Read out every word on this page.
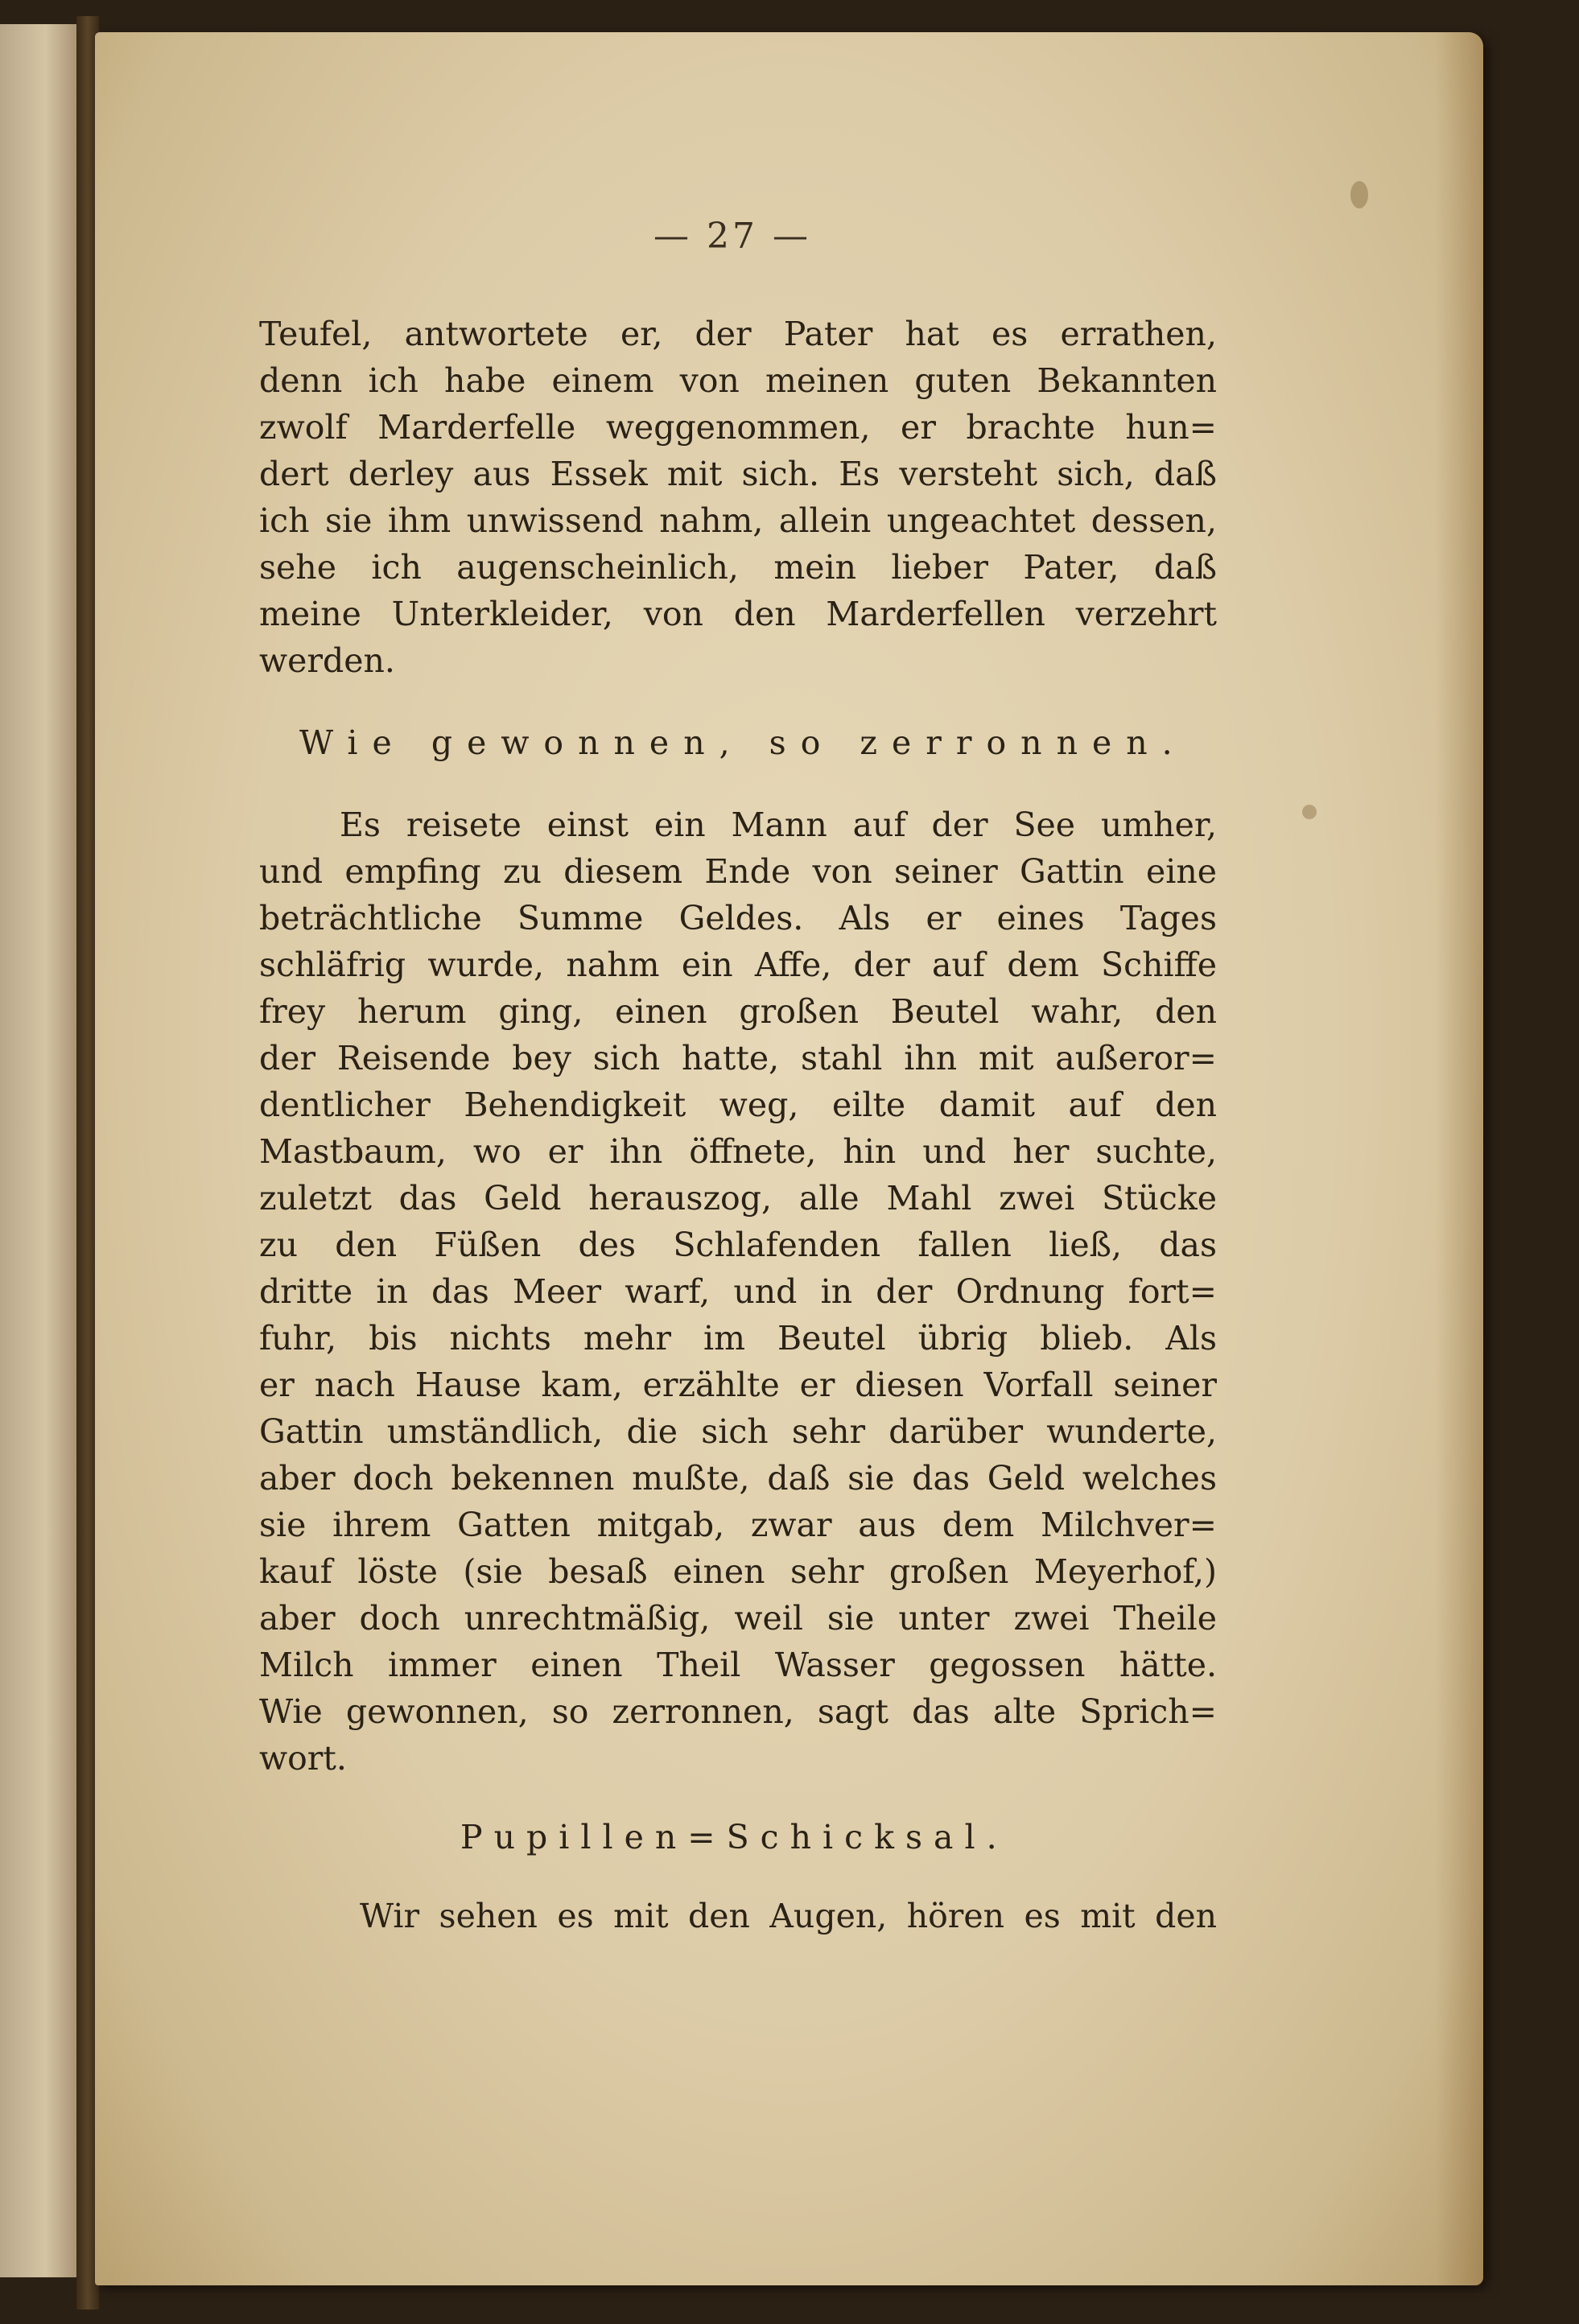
— 27 —
Teufel, antwortete er, der Pater hat es errathen,
denn ich habe einem von meinen guten Bekannten
zwolf Marderfelle weggenommen, er brachte hun=
dert derley aus Essek mit sich. Es versteht sich, daß
ich sie ihm unwissend nahm, allein ungeachtet dessen,
sehe ich augenscheinlich, mein lieber Pater, daß
meine Unterkleider, von den Marderfellen verzehrt
werden.
Wie gewonnen, so zerronnen.
Es reisete einst ein Mann auf der See umher,
und empfing zu diesem Ende von seiner Gattin eine
beträchtliche Summe Geldes. Als er eines Tages
schläfrig wurde, nahm ein Affe, der auf dem Schiffe
frey herum ging, einen großen Beutel wahr, den
der Reisende bey sich hatte, stahl ihn mit außeror=
dentlicher Behendigkeit weg, eilte damit auf den
Mastbaum, wo er ihn öffnete, hin und her suchte,
zuletzt das Geld herauszog, alle Mahl zwei Stücke
zu den Füßen des Schlafenden fallen ließ, das
dritte in das Meer warf, und in der Ordnung fort=
fuhr, bis nichts mehr im Beutel übrig blieb. Als
er nach Hause kam, erzählte er diesen Vorfall seiner
Gattin umständlich, die sich sehr darüber wunderte,
aber doch bekennen mußte, daß sie das Geld welches
sie ihrem Gatten mitgab, zwar aus dem Milchver=
kauf löste (sie besaß einen sehr großen Meyerhof,)
aber doch unrechtmäßig, weil sie unter zwei Theile
Milch immer einen Theil Wasser gegossen hätte.
Wie gewonnen, so zerronnen, sagt das alte Sprich=
wort.
Pupillen=Schicksal.
Wir sehen es mit den Augen, hören es mit den
